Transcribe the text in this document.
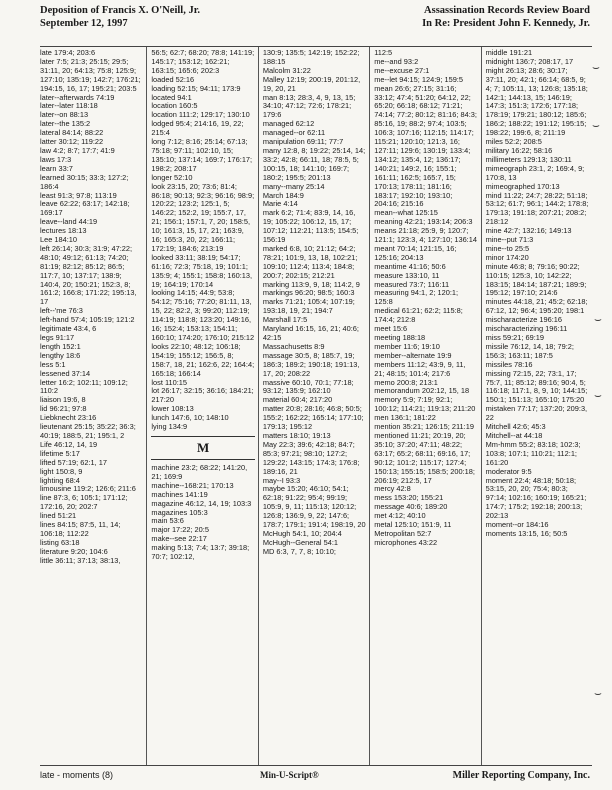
Deposition of Francis X. O'Neill, Jr.
September 12, 1997
Assassination Records Review Board
In Re: President John F. Kennedy, Jr.
late 179:4; 203:6
later 7:5; 21:3; 25:15; 29:5; 31:11, 20; 64:13; 75:8; 125:9; 127:10; 135:19; 142:7; 176:21; 194:15, 16, 17; 195:21; 203:5
later--afterwards 74:19
later--later 118:18
later--on 88:13
later--the 135:2
lateral 84:14; 88:22
latter 30:12; 119:22
law 4:2; 8:7; 17:7; 41:9
laws 17:3
learn 33:7
learned 30:15; 33:3; 127:2; 186:4
least 91:3; 97:8; 113:19
leave 62:22; 63:17; 142:18; 169:17
leave--land 44:19
lectures 18:13
Lee 184:10
left 26:14; 30:3; 31:9; 47:22; 48:10; 49:12; 61:13; 74:20; 81:19; 82:12; 85:12; 86:5; 117:7, 10; 137:17; 138:9; 140:4, 20; 150:21; 152:3, 8; 161:2; 166:8; 171:22; 195:13, 17
left--'me 76:3
left-hand 57:4; 105:19; 121:2
legitimate 43:4, 6
legs 91:17
length 152:1
lengthy 18:6
less 5:1
lessened 37:14
letter 16:2; 102:11; 109:12; 110:2
liaison 19:6, 8
lid 96:21; 97:8
Liebknecht 23:16
lieutenant 25:15; 35:22; 36:3; 40:19; 188:5, 21; 195:1, 2
Life 46:12, 14, 19
lifetime 5:17
lifted 57:19; 62:1, 17
light 150:8, 9
lighting 68:4
limousine 119:2; 126:6; 211:6
line 87:3, 6; 105:1; 171:12; 172:16, 20; 202:7
lined 51:21
lines 84:15; 87:5, 11, 14; 106:18; 112:22
listing 63:18
literature 9:20; 104:6
little 36:11; 37:13; 38:13,
56:5; 62:7; 68:20; 78:8; 141:19; 145:17; 153:12; 162:21; 163:15; 165:6; 202:3
loaded 52:16
loading 52:15; 94:11; 173:9
located 94:1
location 160:5
location 111:2; 129:17; 130:10
lodged 95:4; 214:16, 19, 22; 215:4
long 7:12; 8:16; 25:14; 67:13; 75:18; 97:11; 102:10, 15; 135:10; 137:14; 169:7; 176:17; 198:2; 208:17
longer 52:10
look 23:15, 20; 73:6; 81:4; 86:18; 90:13; 92:3; 96:16; 98:9; 120:22; 123:2; 125:1, 5; 146:22; 152:2, 19; 155:7, 17, 21; 156:1; 157:1, 7, 20; 158:5, 10; 161:3, 15, 17, 21; 163:9, 16; 165:3, 20, 22; 166:11; 172:19; 184:6; 213:19
looked 33:11; 38:19; 54:17; 61:16; 72:3; 75:18, 19; 101:1; 135:9; 4; 155:1; 158:8; 160:13, 19; 164:19; 170:14
looking 14:15; 44:9; 53:8; 54:12; 75:16; 77:20; 81:11, 13, 15, 22; 82:2, 3; 99:20; 112:19; 114:19; 118:8; 123:20; 149:16, 16; 152:4; 153:13; 154:11; 160:10; 174:20; 176:10; 215:12
looks 22:10; 48:12; 106:18; 154:19; 155:12; 156:5, 8; 158:7, 18, 21; 162:6, 22; 164:4; 165:18; 166:14
lost 110:15
lot 26:17; 32:15; 36:16; 184:21; 217:20
lower 108:13
lunch 147:6, 10; 148:10
lying 134:9
M
machine 23:2; 68:22; 141:20, 21; 169:9
machine--168:21; 170:13
machines 141:19
magazine 46:12, 14, 19; 103:3
magazines 105:3
main 53:6
major 17:22; 20:5
make--see 22:17
making 5:13; 7:4; 13:7; 39:18; 70:7; 102:12,
130:9; 135:5; 142:19; 152:22; 188:15
Malcolm 31:22
Malley 12:19; 200:19, 201:12, 19, 20, 21
man 8:13; 28:3, 4, 9, 13, 15; 34:10; 47:12; 72:6; 178:21; 179:6
managed 62:12
managed--or 62:11
manipulation 69:11; 77:7
many 12:8, 8; 19:22; 25:14, 14; 33:2; 42:8; 66:11, 18; 78:5, 5; 100:15, 18; 141:10; 169:7; 180:2; 195:5; 201:13
many--many 25:14
March 184:9
Marie 4:14
mark 6:2; 71:4; 83:9, 14, 16, 19; 105:22; 106:12, 15, 17; 107:12; 112:21; 113:5; 154:5; 156:19
marked 6:8, 10; 21:12; 64:2; 78:21; 101:9, 13, 18, 102:21; 109:10; 112:4; 113:4; 184:8; 200:7; 202:15; 212:21
marking 113:9, 9, 18; 114:2, 9
markings 96:20; 98:5; 160:3
marks 71:21; 105:4; 107:19; 193:18, 19, 21; 194:7
Marshall 17:5
Maryland 16:15, 16, 21; 40:6; 42:15
Massachusetts 8:9
massage 30:5, 8; 185:7, 19; 186:3; 189:2; 190:18; 191:13, 17, 20; 208:22
massive 60:10, 70:1; 77:18; 93:12; 135:9; 162:10
material 60:4; 217:20
matter 20:8; 28:16; 46:8; 50:5; 155:2; 162:22; 165:14; 177:10; 179:13; 195:12
matters 18:10; 19:13
May 22:3; 39:6; 42:18; 84:7; 85:3; 97:21; 98:10; 127:2; 129:22; 143:15; 174:3; 176:8; 189:16, 21
may--I 93:3
maybe 15:20; 46:10; 54:1; 62:18; 91:22; 95:4; 99:19; 105:9, 9, 11; 115:13; 120:12; 126:8; 136:9, 9, 22; 147:6; 178:7; 179:1; 191:4; 198:19, 20
McHugh 54:1, 10; 204:4
McHugh--General 54:1
MD 6:3, 7, 7, 8; 10:10;
112:5
me--and 93:2
me--excuse 27:1
me--let 94:15; 124:9; 159:5
mean 26:6; 27:15; 31:16; 33:12; 47:4; 51:20; 64:12, 22; 65:20; 66:18; 68:12; 71:21; 74:14; 77:2; 80:12; 81:16; 84:3; 85:16, 19; 88:2; 97:4; 103:5; 106:3; 107:16; 112:15; 114:17; 115:21; 120:10; 121:3, 16; 127:11; 129:6; 130:19; 133:4; 134:12; 135:4, 12; 136:17; 140:21; 149:2, 16; 155:1; 161:11; 162:5; 165:7, 15; 170:13; 178:11; 181:16; 183:17; 192:10; 193:10; 204:16; 215:16
mean--what 125:15
meaning 42:21; 193:14; 206:3
means 21:18; 25:9, 9; 120:7; 121:1; 123:3, 4; 127:10; 136:14
meant 70:14; 121:15, 16; 125:16; 204:13
meantime 41:16; 50:6
measure 133:10, 11
measured 73:7; 116:11
measuring 94:1, 2; 120:1; 125:8
medical 61:21; 62:2; 115:8; 174:4; 212:8
meet 15:6
meeting 188:18
member 11:6; 19:10
member--alternate 19:9
members 11:12; 43:9, 9, 11, 21; 48:15; 101:4; 217:6
memo 200:8; 213:1
memorandum 202:12, 15, 18
memory 5:9; 7:19; 92:1; 100:12; 114:21; 119:13; 211:20
men 136:1; 181:22
mention 35:21; 126:15; 211:19
mentioned 11:21; 20:19, 20; 35:10; 37:20; 47:11; 48:22; 63:17; 65:2; 68:11; 69:16, 17; 90:12; 101:2; 115:17; 127:4; 150:13; 155:15; 158:5; 200:18; 206:19; 212:5, 17
mercy 42:8
mess 153:20; 155:21
message 40:6; 189:20
met 4:12; 40:10
metal 125:10; 151:9, 11
Metropolitan 52:7
microphones 43:22
middle 191:21
midnight 136:7; 208:17, 17
might 26:13; 28:6; 30:17; 37:11, 20; 42:1; 66:14; 68:5, 9; 4; 7; 105:11, 13; 126:8; 135:18; 142:1; 144:13, 15; 146:19; 147:3; 151:3; 172:6; 177:18; 178:19; 179:21; 180:12; 185:6; 186:2; 188:22; 191:12; 195:15; 198:22; 199:6, 8; 211:19
miles 52:2; 208:5
military 16:22; 58:16
millimeters 129:13; 130:11
mimeograph 23:1, 2; 169:4, 9; 170:8, 13
mimeographed 170:13
mind 11:22; 24:7; 28:22; 51:18; 53:12; 61:7; 96:1; 144:2; 178:8; 179:13; 191:18; 207:21; 208:2; 218:12
mine 42:7; 132:16; 149:13
mine--put 71:3
mine--to 25:5
minor 174:20
minute 46:8; 8; 79:16; 90:22; 110:15; 125:3, 10; 142:22; 183:15; 184:14; 187:21; 189:9; 195:12; 197:10; 214:6
minutes 44:18, 21; 45:2; 62:18; 67:12, 12; 96:4; 195:20; 198:1
mischaracterize 196:16
mischaracterizing 196:11
miss 59:21; 69:19
missile 76:12, 14, 18; 79:2; 156:3; 163:11; 187:5
missiles 78:16
missing 72:15, 22; 73:1, 17; 75:7, 11; 85:12; 89:16; 90:4, 5; 116:18; 117:1, 8, 9, 10; 144:15; 150:1; 151:13; 165:10; 175:20
mistaken 77:17; 137:20; 209:3, 22
Mitchell 42:6; 45:3
Mitchell--at 44:18
Mm-hmm 55:2; 83:18; 102:3; 103:8; 107:1; 110:21; 112:1; 161:20
moderator 9:5
moment 22:4; 48:18; 50:18; 53:15, 20, 20; 75:4; 80:3; 97:14; 102:16; 160:19; 165:21; 174:7; 175:2; 192:18; 200:13; 202:13
moment--or 184:16
moments 13:15, 16; 50:5
late - moments (8)	Min-U-Script®	Miller Reporting Company, Inc.
⌣
⌣
⌣
⌣
⌣
